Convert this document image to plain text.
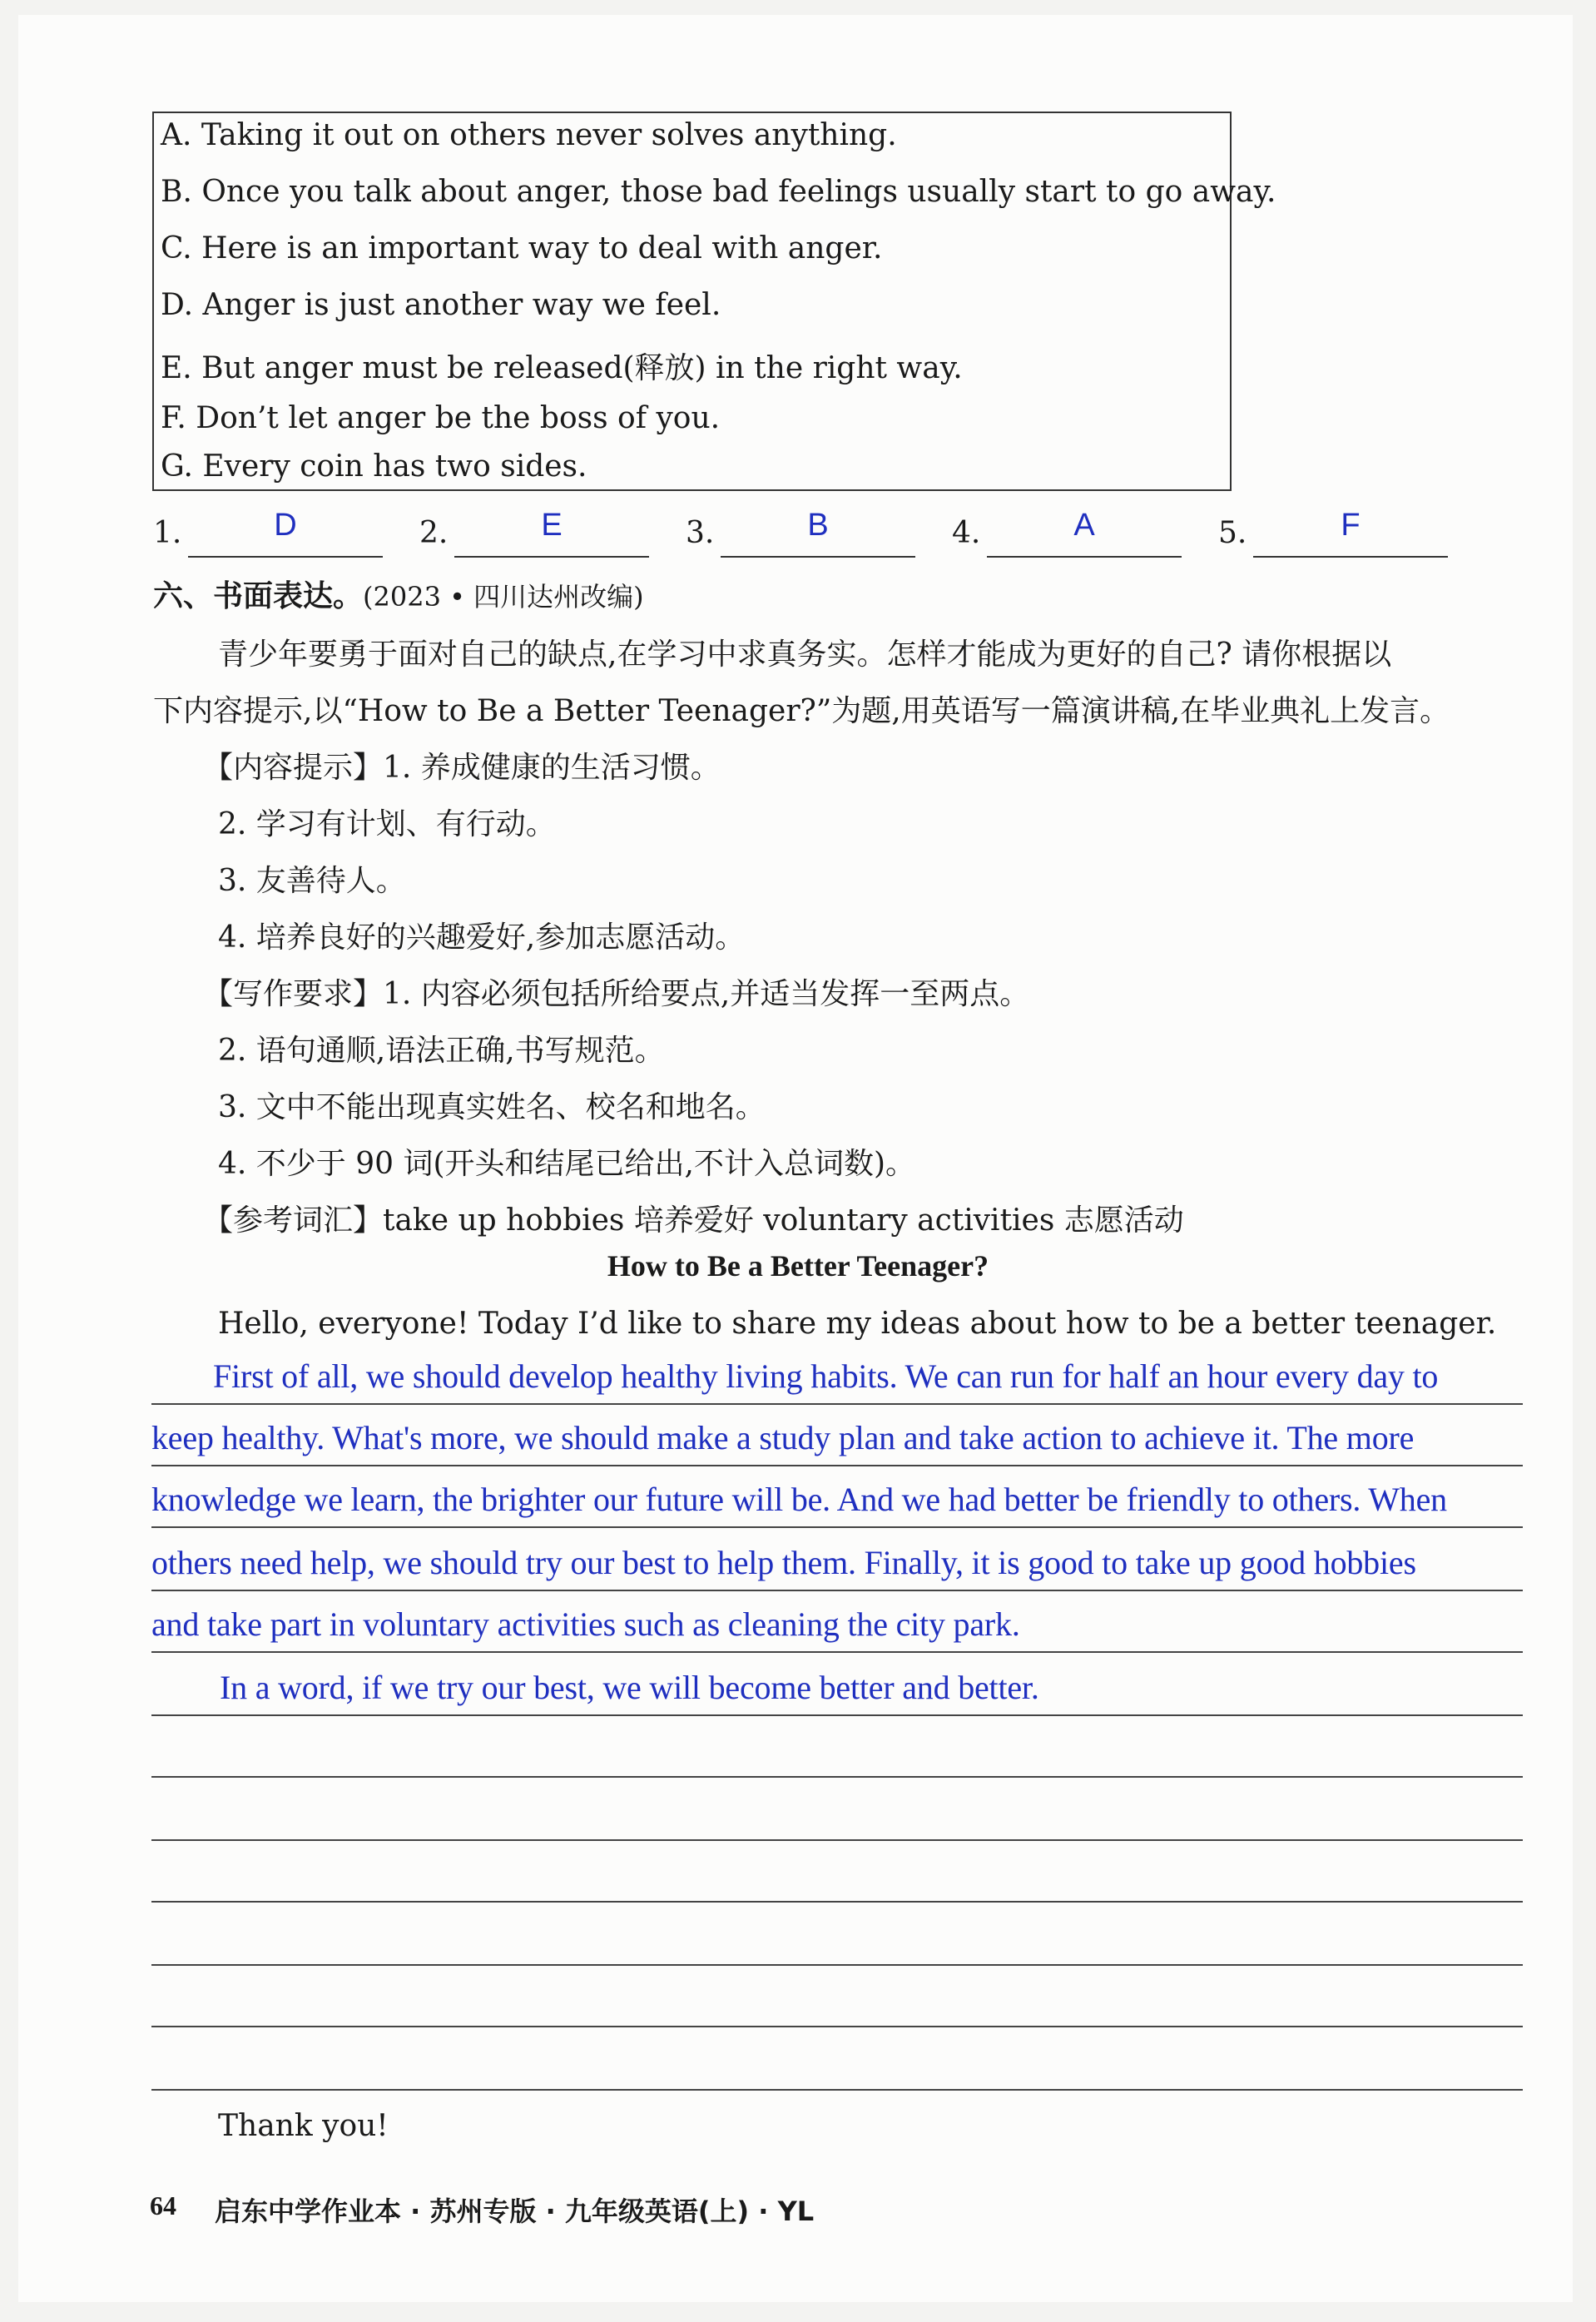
A. Taking it out on others never solves anything.
B. Once you talk about anger, those bad feelings usually start to go away.
C. Here is an important way to deal with anger.
D. Anger is just another way we feel.
E. But anger must be released(释放) in the right way.
F. Don’t let anger be the boss of you.
G. Every coin has two sides.
1.	D	2.	E	3.	B	4.	A	5.	F
六、书面表达。(2023 • 四川达州改编)
青少年要勇于面对自己的缺点,在学习中求真务实。怎样才能成为更好的自己? 请你根据以
下内容提示,以“How to Be a Better Teenager?”为题,用英语写一篇演讲稿,在毕业典礼上发言。
【内容提示】1. 养成健康的生活习惯。
2. 学习有计划、有行动。
3. 友善待人。
4. 培养良好的兴趣爱好,参加志愿活动。
【写作要求】1. 内容必须包括所给要点,并适当发挥一至两点。
2. 语句通顺,语法正确,书写规范。
3. 文中不能出现真实姓名、校名和地名。
4. 不少于 90 词(开头和结尾已给出,不计入总词数)。
【参考词汇】take up hobbies 培养爱好 voluntary activities 志愿活动
How to Be a Better Teenager?
Hello, everyone! Today I’d like to share my ideas about how to be a better teenager.
First of all, we should develop healthy living habits. We can run for half an hour every day to
keep healthy. What's more, we should make a study plan and take action to achieve it. The more
knowledge we learn, the brighter our future will be. And we had better be friendly to others. When
others need help, we should try our best to help them. Finally, it is good to take up good hobbies
and take part in voluntary activities such as cleaning the city park.
In a word, if we try our best, we will become better and better.
Thank you!
64 启东中学作业本 · 苏州专版 · 九年级英语(上) · YL
